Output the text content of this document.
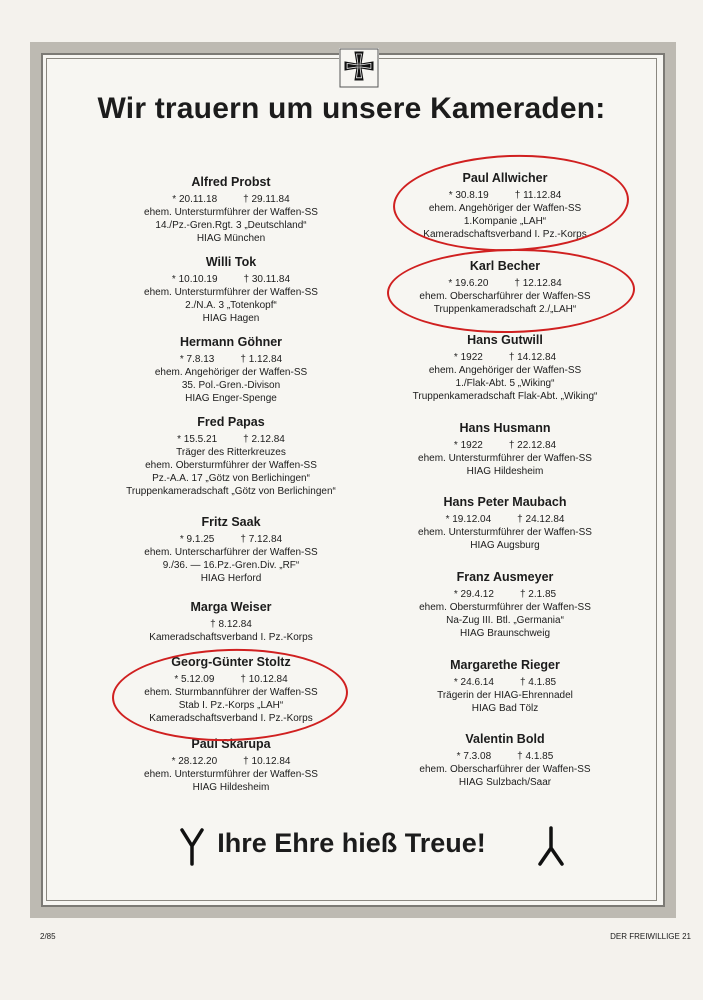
Wir trauern um unsere Kameraden:
Alfred Probst
* 20.11.18	† 29.11.84
ehem. Untersturmführer der Waffen-SS
14./Pz.-Gren.Rgt. 3 „Deutschland“
HIAG München
Willi Tok
* 10.10.19	† 30.11.84
ehem. Untersturmführer der Waffen-SS
2./N.A. 3 „Totenkopf“
HIAG Hagen
Hermann Göhner
* 7.8.13	† 1.12.84
ehem. Angehöriger der Waffen-SS
35. Pol.-Gren.-Divison
HIAG Enger-Spenge
Fred Papas
* 15.5.21	† 2.12.84
Träger des Ritterkreuzes
ehem. Obersturmführer der Waffen-SS
Pz.-A.A. 17 „Götz von Berlichingen“
Truppenkameradschaft „Götz von Berlichingen“
Fritz Saak
* 9.1.25	† 7.12.84
ehem. Unterscharführer der Waffen-SS
9./36. — 16.Pz.-Gren.Div. „RF“
HIAG Herford
Marga Weiser
† 8.12.84
Kameradschaftsverband I. Pz.-Korps
Georg-Günter Stoltz
* 5.12.09	† 10.12.84
ehem. Sturmbannführer der Waffen-SS
Stab I. Pz.-Korps „LAH“
Kameradschaftsverband I. Pz.-Korps
Paul Skarupa
* 28.12.20	† 10.12.84
ehem. Untersturmführer der Waffen-SS
HIAG Hildesheim
Paul Allwicher
* 30.8.19	† 11.12.84
ehem. Angehöriger der Waffen-SS
1.Kompanie „LAH“
Kameradschaftsverband I. Pz.-Korps
Karl Becher
* 19.6.20	† 12.12.84
ehem. Oberscharführer der Waffen-SS
Truppenkameradschaft 2./„LAH“
Hans Gutwill
* 1922	† 14.12.84
ehem. Angehöriger der Waffen-SS
1./Flak-Abt. 5 „Wiking“
Truppenkameradschaft Flak-Abt. „Wiking“
Hans Husmann
* 1922	† 22.12.84
ehem. Untersturmführer der Waffen-SS
HIAG Hildesheim
Hans Peter Maubach
* 19.12.04	† 24.12.84
ehem. Untersturmführer der Waffen-SS
HIAG Augsburg
Franz Ausmeyer
* 29.4.12	† 2.1.85
ehem. Obersturmführer der Waffen-SS
Na-Zug III. Btl. „Germania“
HIAG Braunschweig
Margarethe Rieger
* 24.6.14	† 4.1.85
Trägerin der HIAG-Ehrennadel
HIAG Bad Tölz
Valentin Bold
* 7.3.08	† 4.1.85
ehem. Oberscharführer der Waffen-SS
HIAG Sulzbach/Saar
Ihre Ehre hieß Treue!
2/85	DER FREIWILLIGE 21
